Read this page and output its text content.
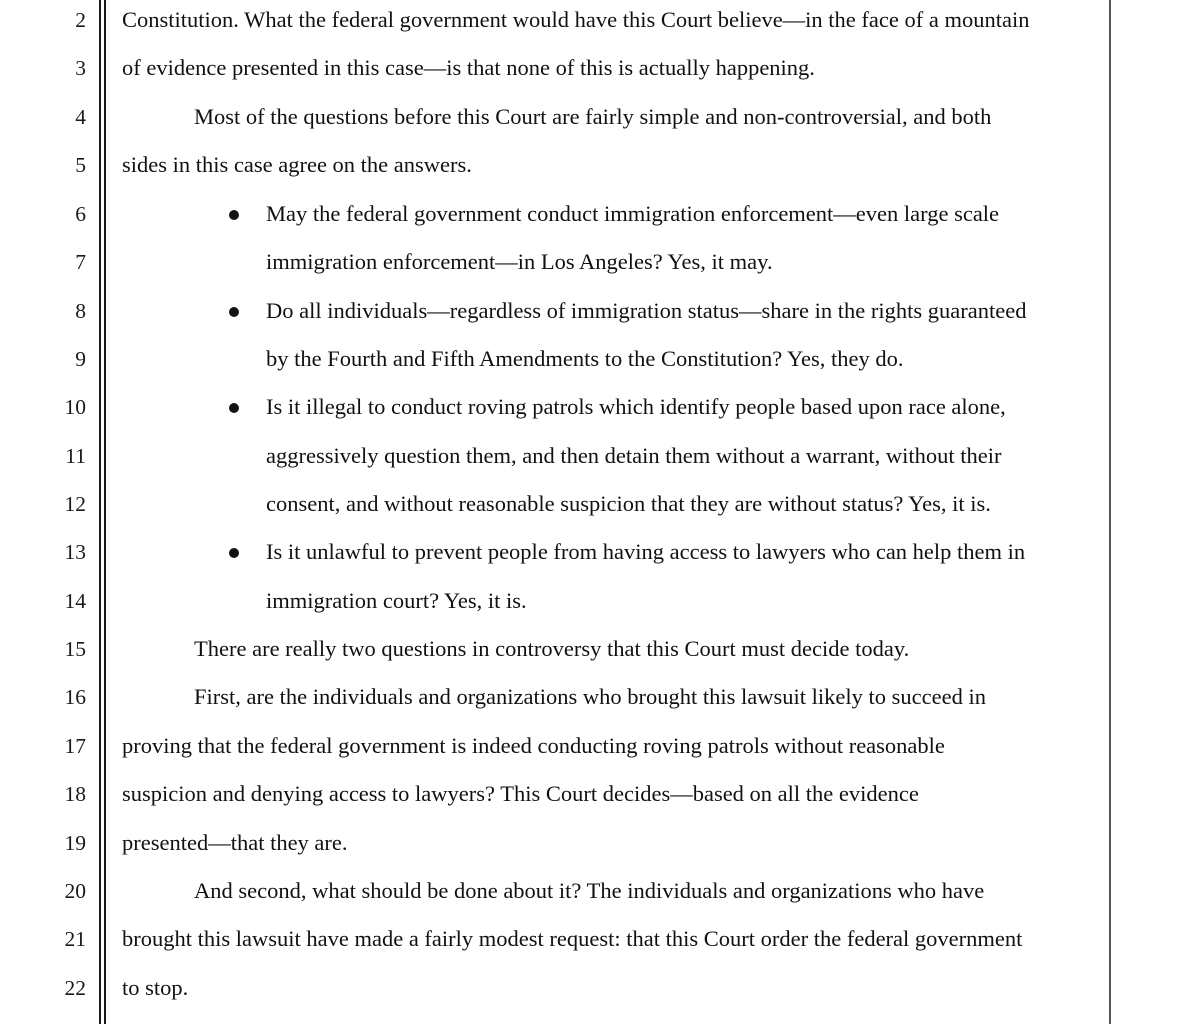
2 Constitution. What the federal government would have this Court believe—in the face of a mountain
3 of evidence presented in this case—is that none of this is actually happening.
4	Most of the questions before this Court are fairly simple and non-controversial, and both
5 sides in this case agree on the answers.
6	May the federal government conduct immigration enforcement—even large scale
7	immigration enforcement—in Los Angeles? Yes, it may.
8	Do all individuals—regardless of immigration status—share in the rights guaranteed
9	by the Fourth and Fifth Amendments to the Constitution? Yes, they do.
10	Is it illegal to conduct roving patrols which identify people based upon race alone,
11	aggressively question them, and then detain them without a warrant, without their
12	consent, and without reasonable suspicion that they are without status? Yes, it is.
13	Is it unlawful to prevent people from having access to lawyers who can help them in
14	immigration court? Yes, it is.
15	There are really two questions in controversy that this Court must decide today.
16	First, are the individuals and organizations who brought this lawsuit likely to succeed in
17 proving that the federal government is indeed conducting roving patrols without reasonable
18 suspicion and denying access to lawyers? This Court decides—based on all the evidence
19 presented—that they are.
20	And second, what should be done about it? The individuals and organizations who have
21 brought this lawsuit have made a fairly modest request: that this Court order the federal government
22 to stop.
